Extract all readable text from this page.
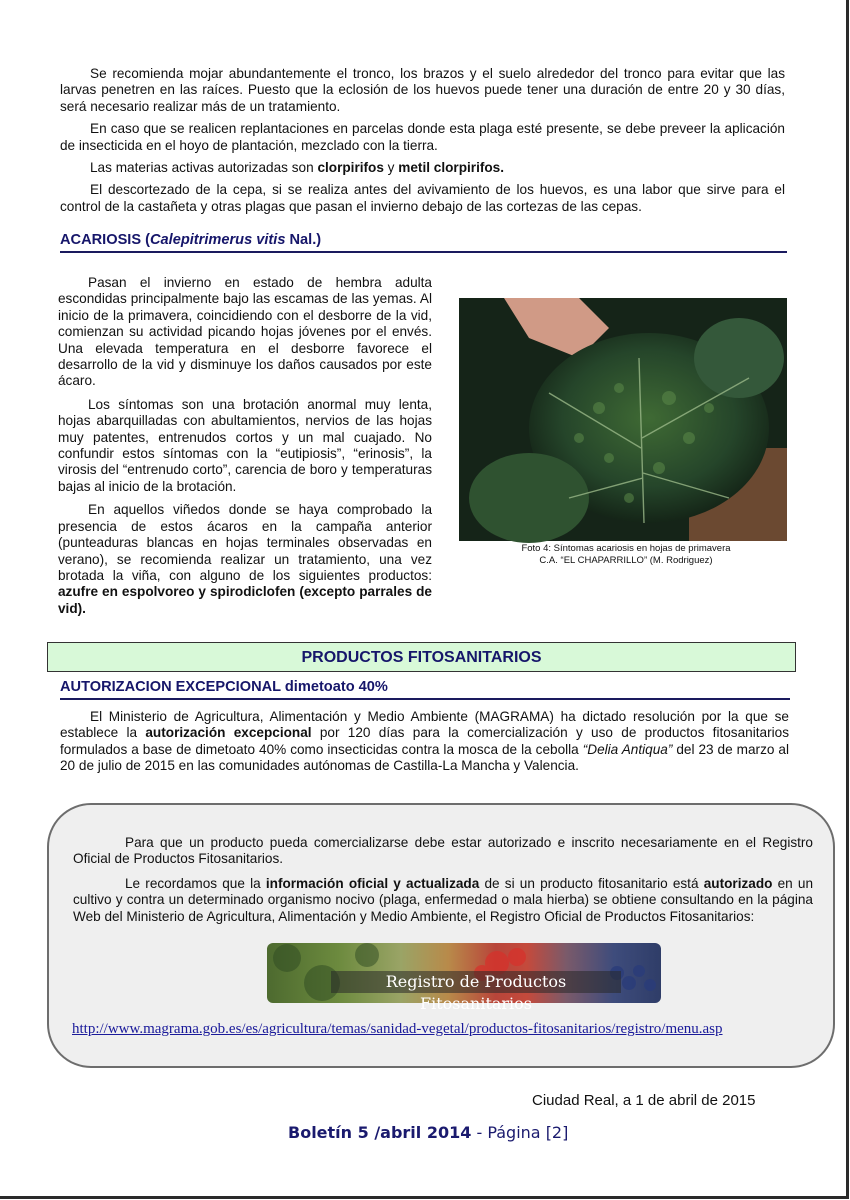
Se recomienda mojar abundantemente el tronco, los brazos y el suelo alrededor del tronco para evitar que las larvas penetren en las raíces. Puesto que la eclosión de los huevos puede tener una duración de entre 20 y 30 días, será necesario realizar más de un tratamiento.

En caso que se realicen replantaciones en parcelas donde esta plaga esté presente, se debe preveer la aplicación de insecticida en el hoyo de plantación, mezclado con la tierra.

Las materias activas autorizadas son clorpirifos y metil clorpirifos.

El descortezado de la cepa, si se realiza antes del avivamiento de los huevos, es una labor que sirve para el control de la castañeta y otras plagas que pasan el invierno debajo de las cortezas de las cepas.

ACARIOSIS (Calepitrimerus vitis Nal.)

Pasan el invierno en estado de hembra adulta escondidas principalmente bajo las escamas de las yemas. Al inicio de la primavera, coincidiendo con el desborre de la vid, comienzan su actividad picando hojas jóvenes por el envés. Una elevada temperatura en el desborre favorece el desarrollo de la vid y disminuye los daños causados por este ácaro.

Los síntomas son una brotación anormal muy lenta, hojas abarquilladas con abultamientos, nervios de las hojas muy patentes, entrenudos cortos y un mal cuajado. No confundir estos síntomas con la “eutipiosis”, “erinosis”, la virosis del “entrenudo corto”, carencia de boro y temperaturas bajas al inicio de la brotación.

En aquellos viñedos donde se haya comprobado la presencia de estos ácaros en la campaña anterior (punteaduras blancas en hojas terminales observadas en verano), se recomienda realizar un tratamiento, una vez brotada la viña, con alguno de los siguientes productos: azufre en espolvoreo y spirodiclofen (excepto parrales de vid).

Foto 4: Síntomas acariosis en hojas de primavera
C.A. “EL CHAPARRILLO” (M. Rodriguez)
PRODUCTOS FITOSANITARIOS
AUTORIZACION EXCEPCIONAL dimetoato 40%

El Ministerio de Agricultura, Alimentación y Medio Ambiente (MAGRAMA) ha dictado resolución por la que se establece la autorización excepcional por 120 días para la comercialización y uso de productos fitosanitarios formulados a base de dimetoato 40% como insecticidas contra la mosca de la cebolla “Delia Antiqua” del 23 de marzo al 20 de julio de 2015 en las comunidades autónomas de Castilla-La Mancha y Valencia.

Para que un producto pueda comercializarse debe estar autorizado e inscrito necesariamente en el Registro Oficial de Productos Fitosanitarios.

Le recordamos que la información oficial y actualizada de si un producto fitosanitario está autorizado en un cultivo y contra un determinado organismo nocivo (plaga, enfermedad o mala hierba) se obtiene consultando en la página Web del Ministerio de Agricultura, Alimentación y Medio Ambiente, el Registro Oficial de Productos Fitosanitarios:

Registro de Productos Fitosanitarios
http://www.magrama.gob.es/es/agricultura/temas/sanidad-vegetal/productos-fitosanitarios/registro/menu.asp
Ciudad Real, a 1 de abril de 2015
Boletín 5 /abril 2014 - Página [2]
